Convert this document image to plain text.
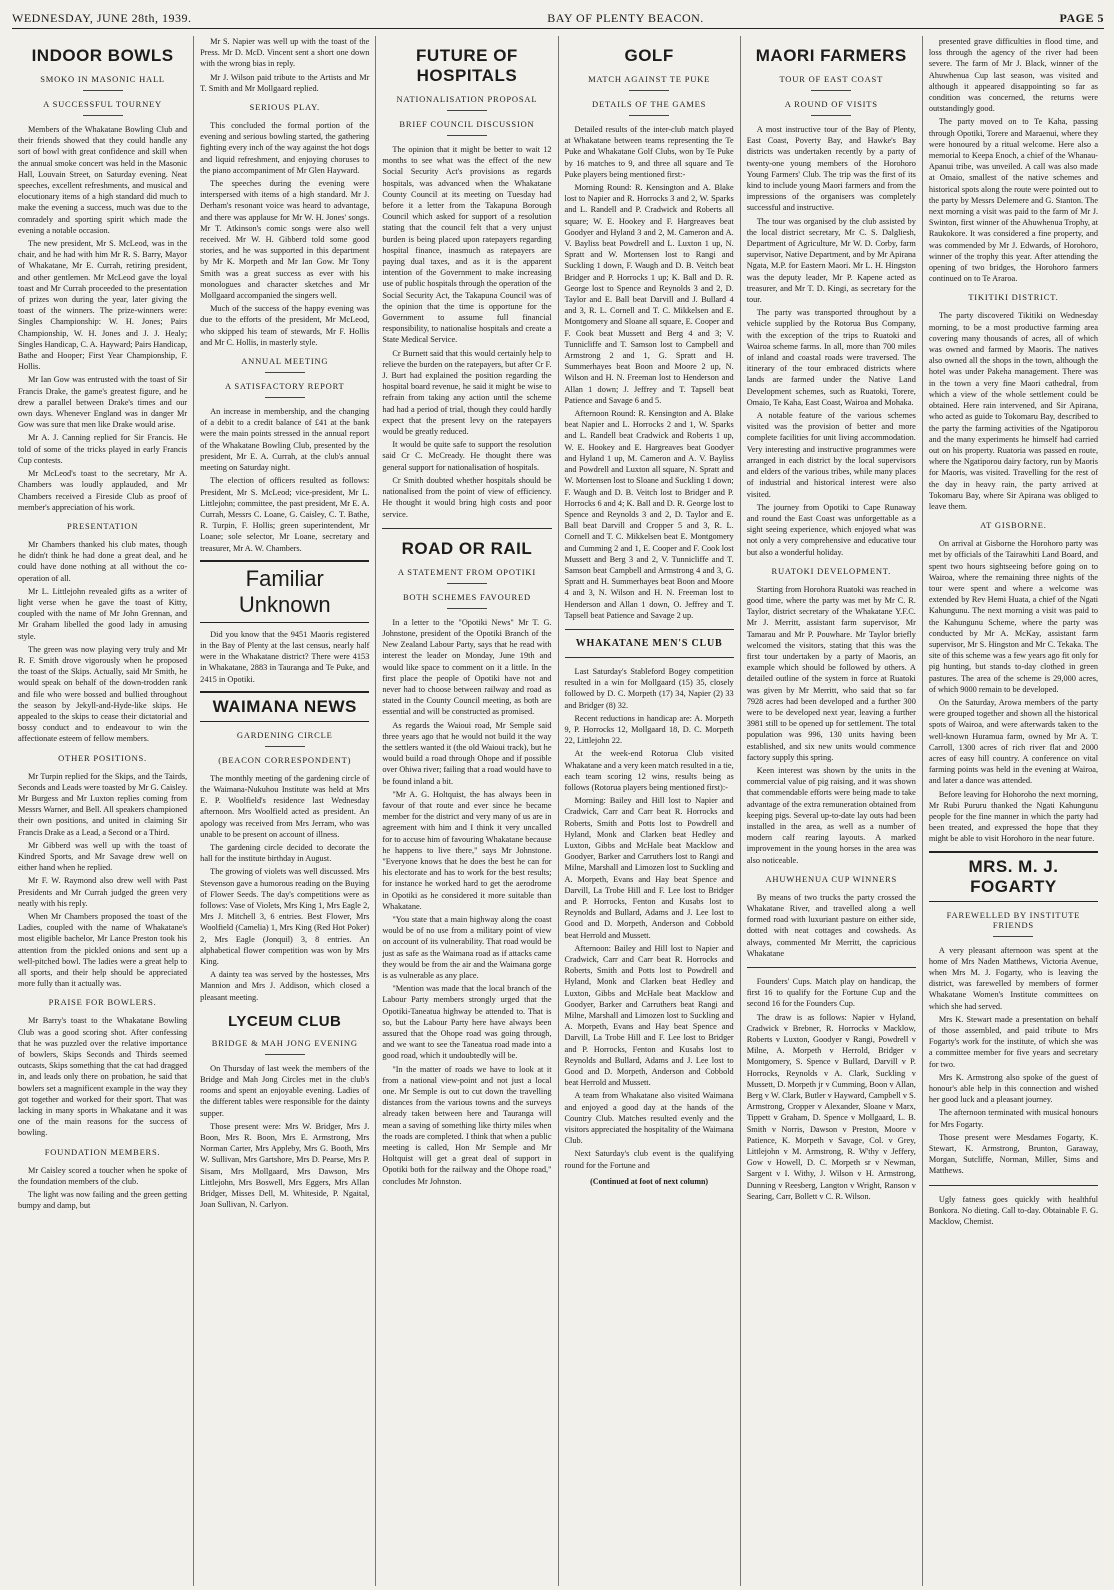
WEDNESDAY, JUNE 28th, 1939.	BAY OF PLENTY BEACON.	PAGE 5
INDOOR BOWLS
SMOKO IN MASONIC HALL
A SUCCESSFUL TOURNEY

Members of the Whakatane Bowling Club and their friends showed that they could handle any sort of bowl with great confidence and skill when the annual smoke concert was held in the Masonic Hall, Louvain Street, on Saturday evening. Neat speeches, excellent refreshments, and musical and elocutionary items of a high standard did much to make the evening a success, much was due to the comradely and sporting spirit which made the evening a notable occasion.

The new president, Mr S. McLeod, was in the chair, and he had with him Mr R. S. Barry, Mayor of Whakatane, Mr E. Currah, retiring president, and other gentlemen. Mr McLeod gave the loyal toast and Mr Currah proceeded to the presentation of prizes won during the year, later giving the toast of the winners. The prize-winners were: Singles Championship: W. H. Jones; Pairs Championship, W. H. Jones and J. J. Healy; Singles Handicap, C. A. Hayward; Pairs Handicap, Bathe and Hooper; First Year Championship, F. Hollis.

Mr Ian Gow was entrusted with the toast of Sir Francis Drake, the game's greatest figure, and he drew a parallel between Drake's times and our own days. Whenever England was in danger Mr Gow was sure that men like Drake would arise.

Mr A. J. Canning replied for Sir Francis. He told of some of the tricks played in early Francis Cup contests.

Mr McLeod's toast to the secretary, Mr A. Chambers was loudly applauded, and Mr Chambers received a Fireside Club as proof of member's appreciation of his work.

PRESENTATION

Mr Chambers thanked his club mates, though he didn't think he had done a great deal, and he could have done nothing at all without the co-operation of all.

Mr L. Littlejohn revealed gifts as a writer of light verse when he gave the toast of Kitty, coupled with the name of Mr John Grennan, and Mr Graham libelled the good lady in amusing style.

The green was now playing very truly and Mr R. F. Smith drove vigorously when he proposed the toast of the Skips. Actually, said Mr Smith, he would speak on behalf of the down-trodden rank and file who were bossed and bullied throughout the season by Jekyll-and-Hyde-like skips. He appealed to the skips to cease their dictatorial and bossy conduct and to endeavour to win the affectionate esteem of fellow members.

OTHER POSITIONS.

Mr Turpin replied for the Skips, and the Tairds, Seconds and Leads were toasted by Mr G. Caisley. Mr Burgess and Mr Luxton replies coming from Messrs Warner, and Bell. All speakers championed their own positions, and united in claiming Sir Francis Drake as a Lead, a Second or a Third.

Mr Gibberd was well up with the toast of Kindred Sports, and Mr Savage drew well on either hand when he replied.

Mr F. W. Raymond also drew well with Past Presidents and Mr Currah judged the green very neatly with his reply.

When Mr Chambers proposed the toast of the Ladies, coupled with the name of Whakatane's most eligible bachelor, Mr Lance Preston took his attention from the pickled onions and sent up a well-pitched bowl. The ladies were a great help to all sports, and their help should be appreciated more fully than it actually was.

PRAISE FOR BOWLERS.

Mr Barry's toast to the Whakatane Bowling Club was a good scoring shot. After confessing that he was puzzled over the relative importance of bowlers, Skips Seconds and Thirds seemed outcasts, Skips something that the cat had dragged in, and leads only there on probation, he said that bowlers set a magnificent example in the way they got together and worked for their sport. That was lacking in many sports in Whakatane and it was one of the main reasons for the success of bowling.

FOUNDATION MEMBERS.

Mr Caisley scored a toucher when he spoke of the foundation members of the club.

The light was now failing and the green getting bumpy and damp, but

Mr S. Napier was well up with the toast of the Press. Mr D. McD. Vincent sent a short one down with the wrong bias in reply.

Mr J. Wilson paid tribute to the Artists and Mr T. Smith and Mr Mollgaard replied.

SERIOUS PLAY.

This concluded the formal portion of the evening and serious bowling started, the gathering fighting every inch of the way against the hot dogs and liquid refreshment, and enjoying choruses to the piano accompaniment of Mr Glen Hayward.

The speeches during the evening were interspersed with items of a high standard. Mr J. Derham's resonant voice was heard to advantage, and there was applause for Mr W. H. Jones' songs. Mr T. Atkinson's comic songs were also well received. Mr W. H. Gibberd told some good stories, and he was supported in this department by Mr K. Morpeth and Mr Ian Gow. Mr Tony Smith was a great success as ever with his monologues and character sketches and Mr Mollgaard accompanied the singers well.

Much of the success of the happy evening was due to the efforts of the president, Mr McLeod, who skipped his team of stewards, Mr F. Hollis and Mr C. Hollis, in masterly style.

ANNUAL MEETING
A SATISFACTORY REPORT

An increase in membership, and the changing of a debit to a credit balance of £41 at the bank were the main points stressed in the annual report of the Whakatane Bowling Club, presented by the president, Mr E. A. Currah, at the club's annual meeting on Saturday night.

The election of officers resulted as follows: President, Mr S. McLeod; vice-president, Mr L. Littlejohn; committee, the past president, Mr E. A. Currah, Messrs C. Loane, G. Caisley, C. T. Bathe, R. Turpin, F. Hollis; green superintendent, Mr Loane; sole selector, Mr Loane, secretary and treasurer, Mr A. W. Chambers.

Familiar Unknown

Did you know that the 9451 Maoris registered in the Bay of Plenty at the last census, nearly half were in the Whakatane district? There were 4153 in Whakatane, 2883 in Tauranga and Te Puke, and 2415 in Opotiki.

WAIMANA NEWS
GARDENING CIRCLE
(BEACON CORRESPONDENT)

The monthly meeting of the gardening circle of the Waimana-Nukuhou Institute was held at Mrs E. P. Woolfield's residence last Wednesday afternoon. Mrs Woolfield acted as president. An apology was received from Mrs Jerram, who was unable to be present on account of illness.

The gardening circle decided to decorate the hall for the institute birthday in August.

The growing of violets was well discussed. Mrs Stevenson gave a humorous reading on the Buying of Flower Seeds. The day's competitions were as follows: Vase of Violets, Mrs King 1, Mrs Eagle 2, Mrs J. Mitchell 3, 6 entries. Best Flower, Mrs Woolfield (Camelia) 1, Mrs King (Red Hot Poker) 2, Mrs Eagle (Jonquil) 3, 8 entries. An alphabetical flower competition was won by Mrs King.

A dainty tea was served by the hostesses, Mrs Mannion and Mrs J. Addison, which closed a pleasant meeting.

LYCEUM CLUB
BRIDGE & MAH JONG EVENING

On Thursday of last week the members of the Bridge and Mah Jong Circles met in the club's rooms and spent an enjoyable evening. Ladies of the different tables were responsible for the dainty supper.

Those present were: Mrs W. Bridger, Mrs J. Boon, Mrs R. Boon, Mrs E. Armstrong, Mrs Norman Carter, Mrs Appleby, Mrs G. Booth, Mrs W. Sullivan, Mrs Gartshore, Mrs D. Pearse, Mrs P. Sisam, Mrs Mollgaard, Mrs Dawson, Mrs Littlejohn, Mrs Boswell, Mrs Eggers, Mrs Allan Bridger, Misses Dell, M. Whiteside, P. Ngaital, Joan Sullivan, N. Carlyon.

FUTURE OF HOSPITALS
NATIONALISATION PROPOSAL
BRIEF COUNCIL DISCUSSION

The opinion that it might be better to wait 12 months to see what was the effect of the new Social Security Act's provisions as regards hospitals, was advanced when the Whakatane County Council at its meeting on Tuesday had before it a letter from the Takapuna Borough Council which asked for support of a resolution stating that the council felt that a very unjust burden is being placed upon ratepayers regarding hospital finance, inasmuch as ratepayers are paying dual taxes, and as it is the apparent intention of the Government to make increasing use of public hospitals through the operation of the Social Security Act, the Takapuna Council was of the opinion that the time is opportune for the Government to assume full financial responsibility, to nationalise hospitals and create a State Medical Service.

Cr Burnett said that this would certainly help to relieve the burden on the ratepayers, but after Cr F. J. Burt had explained the position regarding the hospital board revenue, he said it might be wise to refrain from taking any action until the scheme had had a period of trial, though they could hardly expect that the present levy on the ratepayers would be greatly reduced.

It would be quite safe to support the resolution said Cr C. McCready. He thought there was general support for nationalisation of hospitals.

Cr Smith doubted whether hospitals should be nationalised from the point of view of efficiency. He thought it would bring high costs and poor service.

ROAD OR RAIL
A STATEMENT FROM OPOTIKI
BOTH SCHEMES FAVOURED

In a letter to the "Opotiki News" Mr T. G. Johnstone, president of the Opotiki Branch of the New Zealand Labour Party, says that he read with interest the leader on Monday, June 19th and would like space to comment on it a little. In the first place the people of Opotiki have not and never had to choose between railway and road as stated in the County Council meeting, as both are essential and will be constructed as promised.

As regards the Waioui road, Mr Semple said three years ago that he would not build it the way the settlers wanted it (the old Waioui track), but he would build a road through Ohope and if possible over Ohiwa river; failing that a road would have to be found inland a bit.

"Mr A. G. Holtquist, the has always been in favour of that route and ever since he became member for the district and very many of us are in agreement with him and I think it very uncalled for to accuse him of favouring Whakatane because he happens to live there," says Mr Johnstone. "Everyone knows that he does the best he can for his electorate and has to work for the best results; for instance he worked hard to get the aerodrome in Opotiki as he considered it more suitable than Whakatane.

"You state that a main highway along the coast would be of no use from a military point of view on account of its vulnerability. That road would be just as safe as the Waimana road as if attacks came they would be from the air and the Waimana gorge is as vulnerable as any place.

"Mention was made that the local branch of the Labour Party members strongly urged that the Opotiki-Taneatua highway be attended to. That is so, but the Labour Party here have always been assured that the Ohope road was going through, and we want to see the Taneatua road made into a good road, which it undoubtedly will be.

"In the matter of roads we have to look at it from a national view-point and not just a local one. Mr Semple is out to cut down the travelling distances from the various towns and the surveys already taken between here and Tauranga will mean a saving of something like thirty miles when the roads are completed. I think that when a public meeting is called, Hon Mr Semple and Mr Holtquist will get a great deal of support in Opotiki both for the railway and the Ohope road," concludes Mr Johnston.

GOLF
MATCH AGAINST TE PUKE
DETAILS OF THE GAMES

Detailed results of the inter-club match played at Whakatane between teams representing the Te Puke and Whakatane Golf Clubs, won by Te Puke by 16 matches to 9, and three all square and Te Puke players being mentioned first:-

Morning Round: R. Kensington and A. Blake lost to Napier and R. Horrocks 3 and 2, W. Sparks and L. Randell and P. Cradwick and Roberts all square; W. E. Hookey and F. Hargreaves beat Goodyer and Hyland 3 and 2, M. Cameron and A. V. Bayliss beat Powdrell and L. Luxton 1 up, N. Spratt and W. Mortensen lost to Rangi and Suckling 1 down, F. Waugh and D. B. Veitch beat Bridger and P. Horrocks 1 up; K. Ball and D. R. George lost to Spence and Reynolds 3 and 2, D. Taylor and E. Ball beat Darvill and J. Bullard 4 and 3, R. L. Cornell and T. C. Mikkelsen and E. Montgomery and Sloane all square, E. Cooper and F. Cook beat Mussett and Berg 4 and 3; V. Tunnicliffe and T. Samson lost to Campbell and Armstrong 2 and 1, G. Spratt and H. Summerhayes beat Boon and Moore 2 up, N. Wilson and H. N. Freeman lost to Henderson and Allan 1 down; J. Jeffrey and T. Tapsell beat Patience and Savage 6 and 5.

Afternoon Round: R. Kensington and A. Blake beat Napier and L. Horrocks 2 and 1, W. Sparks and L. Randell beat Cradwick and Roberts 1 up, W. E. Hookey and E. Hargreaves beat Goodyer and Hyland 1 up, M. Cameron and A. V. Bayliss and Powdrell and Luxton all square, N. Spratt and W. Mortensen lost to Sloane and Suckling 1 down; F. Waugh and D. B. Veitch lost to Bridger and P. Horrocks 6 and 4; K. Ball and D. R. George lost to Spence and Reynolds 3 and 2, D. Taylor and E. Ball beat Darvill and Cropper 5 and 3, R. L. Cornell and T. C. Mikkelsen beat E. Montgomery and Cumming 2 and 1, E. Cooper and F. Cook lost Mussett and Berg 3 and 2, V. Tunnicliffe and T. Samson beat Campbell and Armstrong 4 and 3, G. Spratt and H. Summerhayes beat Boon and Moore 4 and 3, N. Wilson and H. N. Freeman lost to Henderson and Allan 1 down, O. Jeffrey and T. Tapsell beat Patience and Savage 2 up.

WHAKATANE MEN'S CLUB

Last Saturday's Stableford Bogey competition resulted in a win for Mollgaard (15) 35, closely followed by D. C. Morpeth (17) 34, Napier (2) 33 and Bridger (8) 32.

Recent reductions in handicap are: A. Morpeth 9, P. Horrocks 12, Mollgaard 18, D. C. Morpeth 22, Littlejohn 22.

At the week-end Rotorua Club visited Whakatane and a very keen match resulted in a tie, each team scoring 12 wins, results being as follows (Rotorua players being mentioned first):-

Morning: Bailey and Hill lost to Napier and Cradwick, Carr and Carr beat R. Horrocks and Roberts, Smith and Potts lost to Powdrell and Hyland, Monk and Clarken beat Hedley and Luxton, Gibbs and McHale beat Macklow and Goodyer, Barker and Carruthers lost to Rangi and Milne, Marshall and Limozen lost to Suckling and A. Morpeth, Evans and Hay beat Spence and Darvill, La Trobe Hill and F. Lee lost to Bridger and P. Horrocks, Fenton and Kusabs lost to Reynolds and Bullard, Adams and J. Lee lost to Good and D. Morpeth, Anderson and Cobbold beat Herrold and Mussett.

Afternoon: Bailey and Hill lost to Napier and Cradwick, Carr and Carr beat R. Horrocks and Roberts, Smith and Potts lost to Powdrell and Hyland, Monk and Clarken beat Hedley and Luxton, Gibbs and McHale beat Macklow and Goodyer, Barker and Carruthers beat Rangi and Milne, Marshall and Limozen lost to Suckling and A. Morpeth, Evans and Hay beat Spence and Darvill, La Trobe Hill and F. Lee lost to Bridger and P. Horrocks, Fenton and Kusabs lost to Reynolds and Bullard, Adams and J. Lee lost to Good and D. Morpeth, Anderson and Cobbold beat Herrold and Mussett.

A team from Whakatane also visited Waimana and enjoyed a good day at the hands of the Country Club. Matches resulted evenly and the visitors appreciated the hospitality of the Waimana Club.

Next Saturday's club event is the qualifying round for the Fortune and

(Continued at foot of next column)
MAORI FARMERS
TOUR OF EAST COAST
A ROUND OF VISITS

A most instructive tour of the Bay of Plenty, East Coast, Poverty Bay, and Hawke's Bay districts was undertaken recently by a party of twenty-one young members of the Horohoro Young Farmers' Club. The trip was the first of its kind to include young Maori farmers and from the impressions of the organisers was completely successful and instructive.

The tour was organised by the club assisted by the local district secretary, Mr C. S. Dalgliesh, Department of Agriculture, Mr W. D. Corby, farm supervisor, Native Department, and by Mr Apirana Ngata, M.P. for Eastern Maori. Mr L. H. Hingston was the deputy leader, Mr P. Kapene acted as treasurer, and Mr T. D. Kingi, as secretary for the tour.

The party was transported throughout by a vehicle supplied by the Rotorua Bus Company, with the exception of the trips to Ruatoki and Wairoa scheme farms. In all, more than 700 miles of inland and coastal roads were traversed. The itinerary of the tour embraced districts where lands are farmed under the Native Land Development schemes, such as Ruatoki, Torere, Omaio, Te Kaha, East Coast, Wairoa and Mohaka.

A notable feature of the various schemes visited was the provision of better and more complete facilities for unit living accommodation. Very interesting and instructive programmes were arranged in each district by the local supervisors and elders of the various tribes, while many places of industrial and historical interest were also visited.

The journey from Opotiki to Cape Runaway and round the East Coast was unforgettable as a sight seeing experience, which enjoyed what was not only a very comprehensive and educative tour but also a wonderful holiday.

RUATOKI DEVELOPMENT.

Starting from Horohora Ruatoki was reached in good time, where the party was met by Mr C. R. Taylor, district secretary of the Whakatane Y.F.C. Mr J. Merritt, assistant farm supervisor, Mr Tamarau and Mr P. Pouwhare. Mr Taylor briefly welcomed the visitors, stating that this was the first tour undertaken by a party of Maoris, an example which should be followed by others. A detailed outline of the system in force at Ruatoki was given by Mr Merritt, who said that so far 7928 acres had been developed and a further 300 were to be developed next year, leaving a further 3981 still to be opened up for settlement. The total population was 996, 130 units having been established, and six new units would commence factory supply this spring.

Keen interest was shown by the units in the commercial value of pig raising, and it was shown that commendable efforts were being made to take advantage of the extra remuneration obtained from keeping pigs. Several up-to-date lay outs had been installed in the area, as well as a number of modern calf rearing layouts. A marked improvement in the young horses in the area was also noticeable.

AHUWHENUA CUP WINNERS

By means of two trucks the party crossed the Whakatane River, and travelled along a well formed road with luxuriant pasture on either side, dotted with neat cottages and cowsheds. As always, commented Mr Merritt, the capricious Whakatane

Founders' Cups. Match play on handicap, the first 16 to qualify for the Fortune Cup and the second 16 for the Founders Cup.

The draw is as follows: Napier v Hyland, Cradwick v Brebner, R. Horrocks v Macklow, Roberts v Luxton, Goodyer v Rangi, Powdrell v Milne, A. Morpeth v Herrold, Bridger v Montgomery, S. Spence v Bullard, Darvill v P. Horrocks, Reynolds v A. Clark, Suckling v Mussett, D. Morpeth jr v Cumming, Boon v Allan, Berg v W. Clark, Butler v Hayward, Campbell v S. Armstrong, Cropper v Alexander, Sloane v Marx, Tippett v Graham, D. Spence v Mollgaard, L. B. Smith v Norris, Dawson v Preston, Moore v Patience, K. Morpeth v Savage, Col. v Grey, Littlejohn v M. Armstrong, R. W'thy v Jeffery, Gow v Howell, D. C. Morpeth sr v Newman, Sargent v I. Withy, J. Wilson v H. Armstrong, Dunning v Reesberg, Langton v Wright, Ranson v Searing, Carr, Bollett v C. R. Wilson.

presented grave difficulties in flood time, and loss through the agency of the river had been severe. The farm of Mr J. Black, winner of the Ahuwhenua Cup last season, was visited and although it appeared disappointing so far as condition was concerned, the returns were outstandingly good.

The party moved on to Te Kaha, passing through Opotiki, Torere and Maraenui, where they were honoured by a ritual welcome. Here also a memorial to Keepa Enoch, a chief of the Whanau-Apanui tribe, was unveiled. A call was also made at Omaio, smallest of the native schemes and historical spots along the route were pointed out to the party by Messrs Delemere and G. Stanton. The next morning a visit was paid to the farm of Mr J. Swinton, first winner of the Ahuwhenua Trophy, at Raukokore. It was considered a fine property, and was commended by Mr J. Edwards, of Horohoro, winner of the trophy this year. After attending the opening of two bridges, the Horohoro farmers continued on to Te Araroa.

TIKITIKI DISTRICT.

The party discovered Tikitiki on Wednesday morning, to be a most productive farming area covering many thousands of acres, all of which was owned and farmed by Maoris. The natives also owned all the shops in the town, although the hotel was under Pakeha management. There was in the town a very fine Maori cathedral, from which a view of the whole settlement could be obtained. Here rain intervened, and Sir Apirana, who acted as guide to Tokomaru Bay, described to the party the farming activities of the Ngatiporou and the many experiments he himself had carried out on his property. Ruatoria was passed en route, where the Ngatiporou dairy factory, run by Maoris for Maoris, was visited. Travelling for the rest of the day in heavy rain, the party arrived at Tokomaru Bay, where Sir Apirana was obliged to leave them.

AT GISBORNE.

On arrival at Gisborne the Horohoro party was met by officials of the Tairawhiti Land Board, and spent two hours sightseeing before going on to Wairoa, where the remaining three nights of the tour were spent and where a welcome was extended by Rev Hemi Huata, a chief of the Ngati Kahungunu. The next morning a visit was paid to the Kahungunu Scheme, where the party was conducted by Mr A. McKay, assistant farm supervisor, Mr S. Hingston and Mr C. Tekaka. The site of this scheme was a few years ago fit only for pig hunting, but stands to-day clothed in green pastures. The area of the scheme is 29,000 acres, of which 9000 remain to be developed.

On the Saturday, Arowa members of the party were grouped together and shown all the historical spots of Wairoa, and were afterwards taken to the well-known Huramua farm, owned by Mr A. T. Carroll, 1300 acres of rich river flat and 2000 acres of easy hill country. A conference on vital farming points was held in the evening at Wairoa, and later a dance was attended.

Before leaving for Hohoroho the next morning, Mr Rubi Pururu thanked the Ngati Kahungunu people for the fine manner in which the party had been treated, and expressed the hope that they might be able to visit Horohoro in the near future.

MRS. M. J. FOGARTY
FAREWELLED BY INSTITUTE FRIENDS

A very pleasant afternoon was spent at the home of Mrs Naden Matthews, Victoria Avenue, when Mrs M. J. Fogarty, who is leaving the district, was farewelled by members of former Whakatane Women's Institute committees on which she had served.

Mrs K. Stewart made a presentation on behalf of those assembled, and paid tribute to Mrs Fogarty's work for the institute, of which she was a committee member for five years and secretary for two.

Mrs K. Armstrong also spoke of the guest of honour's able help in this connection and wished her good luck and a pleasant journey.

The afternoon terminated with musical honours for Mrs Fogarty.

Those present were Mesdames Fogarty, K. Stewart, K. Armstrong, Brunton, Garaway, Morgan, Sutcliffe, Norman, Miller, Sims and Matthews.

Ugly fatness goes quickly with healthful Bonkora. No dieting. Call to-day. Obtainable F. G. Macklow, Chemist.
